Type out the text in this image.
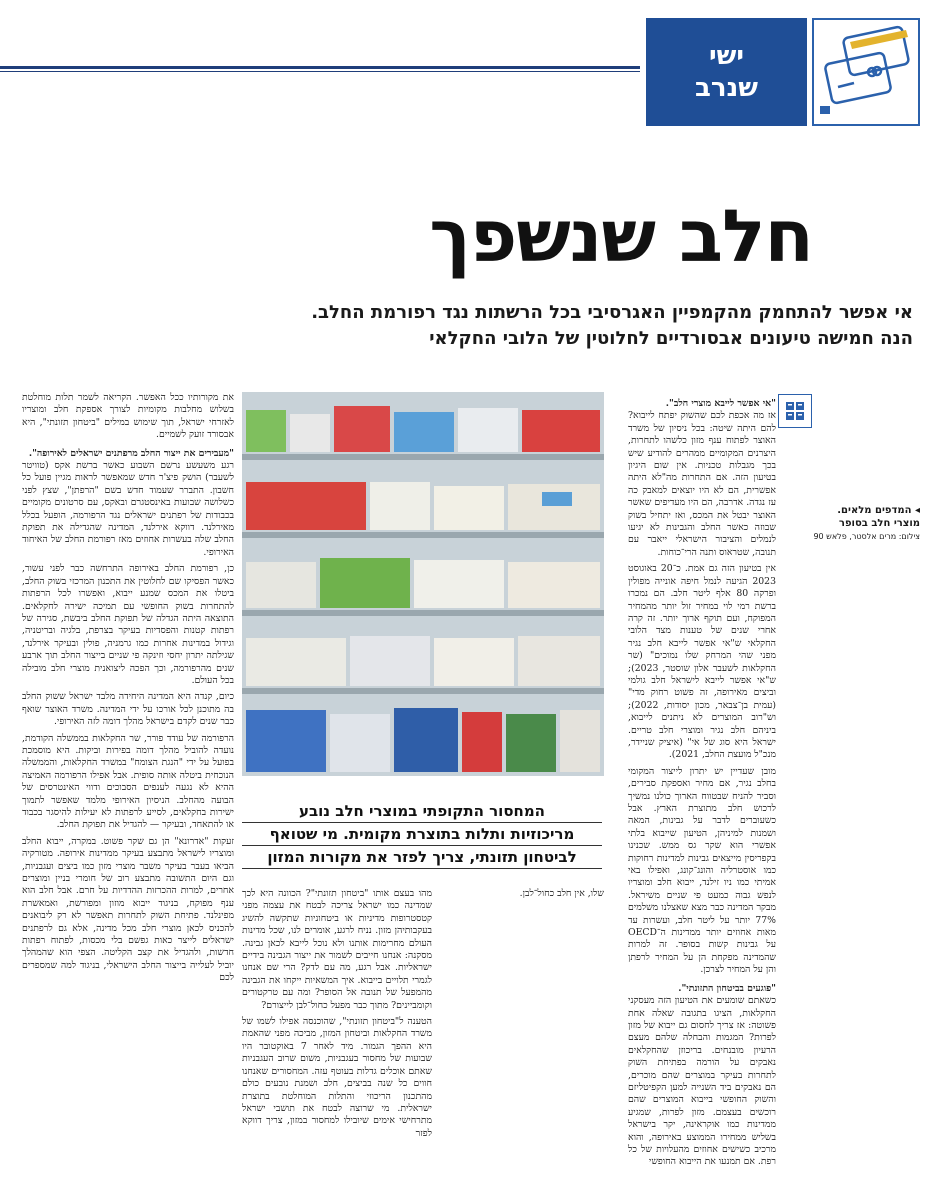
ישי
שנרב
חלב שנשפך
אי אפשר להתחמק מהקמפיין האגרסיבי בכל הרשתות נגד רפורמת החלב.
הנה חמישה טיעונים אבסורדיים לחלוטין של הלובי החקלאי
◂ המדפים מלאים. מוצרי חלב בסופר
צילום: מרים אלסטר, פלאש 90
"אי אפשר לייבא מוצרי חלב".

אז מה אכפת לכם שהשוק יפתח לייבוא? להם היתה שיטה: בכל ניסיון של משרד האוצר לפתוח ענף מזון כלשהו לתחרות, היצרנים המקומיים ממהרים להודיע שיש בכך מגבלות טכניות. אין שום היגיון בטיעון הזה. אם התחרות מה"לא היתה אפשרית, הם לא היו יוצאים למאבק כה עז נגדה. אדרבה, הם היו מעדיפים שאשר האוצר יבטל את המכס, ואז יתחיל בשוק שבוזה כאשר החלב והגבינות לא יגיעו לנמלים והציבור הישראלי ייאבר עם תנובה, שטראוס ותנה הרי־כוחות.

אין בטיעון הזה גם אמת. כ־20 באוגוסט 2023 הגיעה לנמל חיפה אונייה מפולין ופרקה 80 אלף ליטר חלב. הם נמכרו ברשת רמי לוי במחיר זול יותר מהמחיר המפוקח, ועם תוקף ארוך יותר. זה קרה אחרי שנים של טענות מצד הלובי החקלאי ש"אי אפשר לייבא חלב נגיר מפני שהי המרחק שלו נמוכים" (שר החקלאות לשעבר אלון שוסטר, 2023); ש"אי אפשר לייבא לישראל חלב גולמי וביצים מאירופה, זה פשוט רחוק מדי" (עמית בן־צבאר, מכון יסודות, 2022); וש"רוב המוצרים לא ניתנים לייבוא, ביניהם חלב נגיר ומוצרי חלב טריים. ישראל היא סוג של אי" (איציק שניידר, מנכ"ל מועצת החלב, 2021).

מובן שעדיין יש יתרון לייצור המקומי בחלב נגיר, אם מחיר ואספקת סבירים, וסביר להניח שבטווח הארוך כולנו נמשיך לרכוש חלב מתוצרת הארץ. אבל כשעוברים לדבר על גבינות, המאה ושמנות למיניהן, הטיעון שייבוא בלתי אפשרי הוא שקר גס ממש. שכנינו בקפריסין מייצאים גבינות למדינות רחוקות כמו אוסטרליה והונג־קונג, ואפילו באי אמיתי כמו ניו זילנד, ייבוא חלב ומוצריו לנפש גבוה כמעט פי שניים משיראל. מבקר המדינה כבר מצא שאצלנו משלמים 77% יותר על ליטר חלב, ועשרות עד מאות אחוזים יותר ממדינות ה־OECD על גבינות קשות בסופר. זה למרות שהמדינה מפקחת הן על המחיר לרפתן והן על המחיר לצרכן.

"פוגעים בביטחון התזונתי".

כשאתם שומעים את הטיעון הזה מעסקני החקלאות, הציגו בתגובה שאלה אחת פשוטה: אז צריך לחסום גם ייבוא של מזון לפרות? המגמות והבחלה שלהם מעצם הרעיון מובנחים. בריכוזן שהחקלאים נאבקים על הורמה בפתיחת השוק לתחרות בעיקר במוצרים שהם מוכרים, הם נאבקים ביד השנייה למען הקפיטליזם והשוק החופשי בייבוא המוצרים שהם רוכשים בעצמם. מזון לפרות, שמגיע ממדינות כמו אוקראינה, יקר בישראל בשליש ממחירו הממוצע באירופה, והוא מרכיב כשישים אחוזים מהעלויות של כל רפת. אם תמנעו את הייבוא החופשי

המחסור התקופתי במוצרי חלב נובע
מריכוזיות ותלות בתוצרת מקומית. מי שטואף
לביטחון תזונתי, צריך לפזר את מקורות המזון

את מקורותיו ככל האפשר. הקריאה לשמר תלות מוחלטת בשלוש מחלבות מקומיות לצורך אספקת חלב ומוצריו לאזרחי ישראל, תוך שימוש במילים "ביטחון תזונתי", היא אבסורד זועק לשמיים.

"מעבירים את ייצור החלב מרפתנים ישראלים לאירופה".

רגע משעשע נרשם השבוע כאשר ברשת אקס (טוויטר לשעבר) הושק פיצ'ר חדש שמאפשר לראות מגיין פועל כל חשבון. התברר שעמוד חדש בשם "הרפתן", שצץ לפני כשלושה שבועות באינסטגרם ובאקס, עם סרטונים מקומיים בכבודות של רפתנים ישראלים נגד הרפורמה, הופעל בכלל מאירלנד. דווקא אירלנד, המדינה שהגדילה את תפוקת החלב שלה בעשרות אחוזים מאז רפורמת החלב של האיחוד האירופי.

כן, רפורמת החלב באירופה התרחשה כבר לפני עשור, כאשר הפסיקו שם לחלוטין את התכנון המרכזי בשוק החלב, ביטלו את המכס שמנע ייבוא, ואפשרו לכל הרפתות להתחרות בשוק החופשי עם תמיכה ישירה לחקלאים. התוצאה היתה הגדלה של תפוקת החלב ביבשת, סגירה של רפתות קטנות והפסדיות בעיקר בצרפת, בלגיה ובריטניה, וגידול במדינות אחרות כמו גרמניה, פולין ובעיקר אירלנד, שגילתה יתרון יחסי וזינקה פי שניים בייצור החלב תוך ארבע שנים מהרפורמה, וכך הפכה ליצואנית מוצרי חלב מובילה בכל העולם.

כיום, קנדה היא המדינה היחידה מלבד ישראל ששוק החלב בה מתוכנן לכל אורכו על ידי המדינה. משרד האוצר שואף כבר שנים לקדם בישראל מהלך דומה לזה האירופי.

הרפורמה של עודד פורר, שר החקלאות בממשלה הקודמת, נועדה להוביל מהלך דומה בפירות וביקות. היא מוסמכת בפועל על ידי "הנגת הצומח" במשרד החקלאות, והממשלה הנוכחית ביטלה אותה סופית. אבל אפילו הרפורמה האמיצה ההיא לא נגעה לענפים הסבוכים ודווי האינטרסים של הבועה מהחלב. הניסיון האירופי מלמד שאפשר לתמוך ישירות בחקלאים, לסייע לרפתות לא יעילות להיסגר בכבוד או להתאחד, ובעיקר — להגדיל את תפוקת החלב.

זעקות "אדרונא" הן גם שקר פשוט. במקרה, ייבוא החלב ומוצריו לישראל מתבצע בעיקר ממדינות אירופה. מטורקיה הביאו בעבר בעיקר משבר מוצרי מזון כמו ביצים ועגבניות, וגם היום התשובה מתבצע רוב של חומרי בניין ומוצרים אחרים, למרות ההכרזות ההדדיות על חרם. אבל חלב הוא ענף מפוקח, בניגוד ייבוא מוזון ומפורשת, ואמאשרת מפינלנד. פתיחת השוק לתחרות תאפשר לא רק ליבואנים להכניס לכאן מוצרי חלב מכל מדינה, אלא גם לרפתנים ישראלים לייצר כאות גפשם בלי מכסות, לפתוח רפתות חדשות, ולהגדיל את קצב הקליטה. הצפי הוא שהמהלך יוביל לעלייה בייצור החלב הישראלי, בניגוד למה שמספרים לכם

מהו בעצם אותו "ביטחון תזונתי"? הכוונה היא לכך שמדינה כמו ישראל צריכה לבטח את עצמה מפני קטסטרופות מדיניות או ביטחוניות שתקשה להשיג בעקבותיהן מזון. נניח לרגע, אומרים לנו, שכל מדינות העולם מחרימות אותנו ולא נוכל לייבא לכאן גבינה. מסקנה: אנחנו חייבים לשמור את ייצור הגבינה בידיים ישראליות. אבל רגע, מה עם לדק? הרי שם אנחנו לגמרי תלויים בייבוא. איך המשאיות ייקחו את הגבינה מהמפעל של תנובה אל הסופר? ומה עם טרקטורים וקומביינים? מתוך כבר מפעל כחול־לבן לייצורם?

הטענה ל"ביטחון תזונתי", שהוכנסה אפילו לשמו של משרד החקלאות וביטחון המזון, מביכה מפני שהאמת היא ההפך הגמור. מיד לאחר 7 באוקטובר היו שבועות של מחסור בעגבניות, משום שרוב העגבניות שאתם אוכלים גדלות בעוטף עזה. המחסורים שאנחנו חווים כל שנה בביצים, חלב ושמנת נובעים כולם מהתכנון הריכוזי והתלות המוחלטת בתוצרת ישראלית. מי שרוצה לבטח את תושבי ישראל מתרחישי אימים שיובילו למחסור במזון, צריך דווקא לפזר

שלו, אין חלב כחול־לבן.
